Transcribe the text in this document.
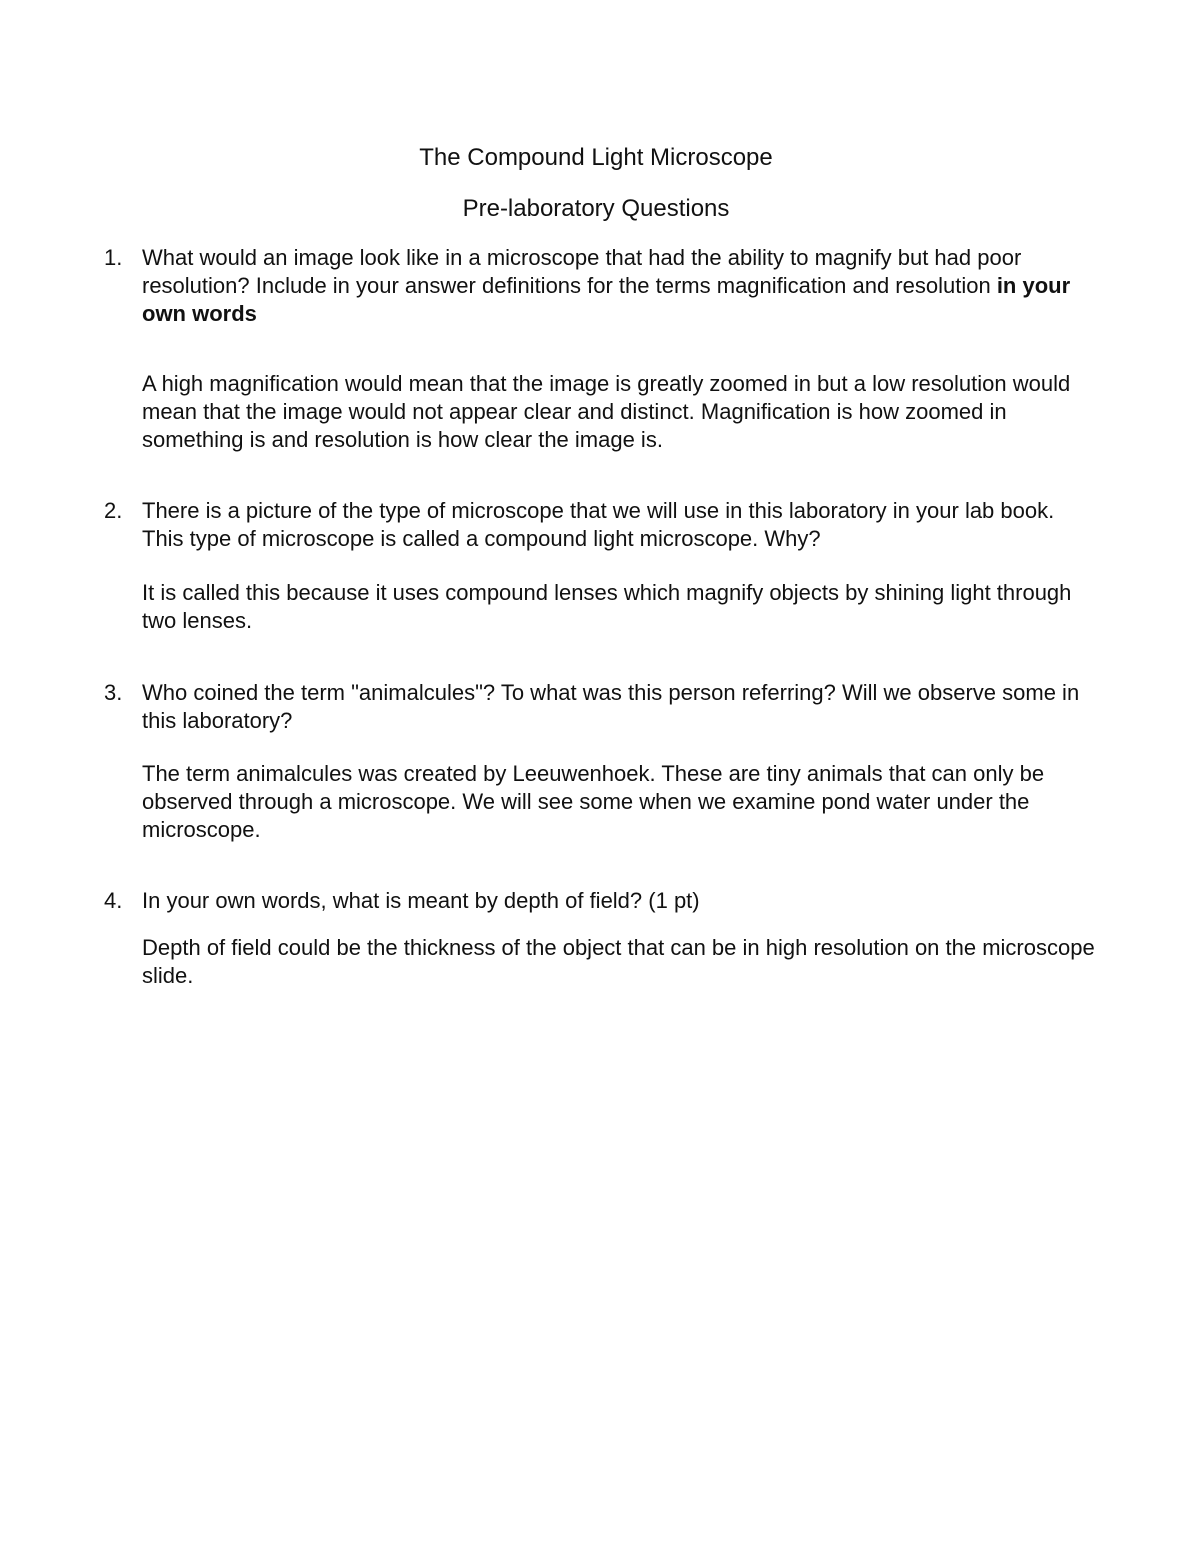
The Compound Light Microscope
Pre-laboratory Questions
1. What would an image look like in a microscope that had the ability to magnify but had poor resolution? Include in your answer definitions for the terms magnification and resolution in your own words
A high magnification would mean that the image is greatly zoomed in but a low resolution would mean that the image would not appear clear and distinct. Magnification is how zoomed in something is and resolution is how clear the image is.
2. There is a picture of the type of microscope that we will use in this laboratory in your lab book. This type of microscope is called a compound light microscope. Why?
It is called this because it uses compound lenses which magnify objects by shining light through two lenses.
3. Who coined the term "animalcules"? To what was this person referring? Will we observe some in this laboratory?
The term animalcules was created by Leeuwenhoek. These are tiny animals that can only be observed through a microscope. We will see some when we examine pond water under the microscope.
4. In your own words, what is meant by depth of field? (1 pt)
Depth of field could be the thickness of the object that can be in high resolution on the microscope slide.
